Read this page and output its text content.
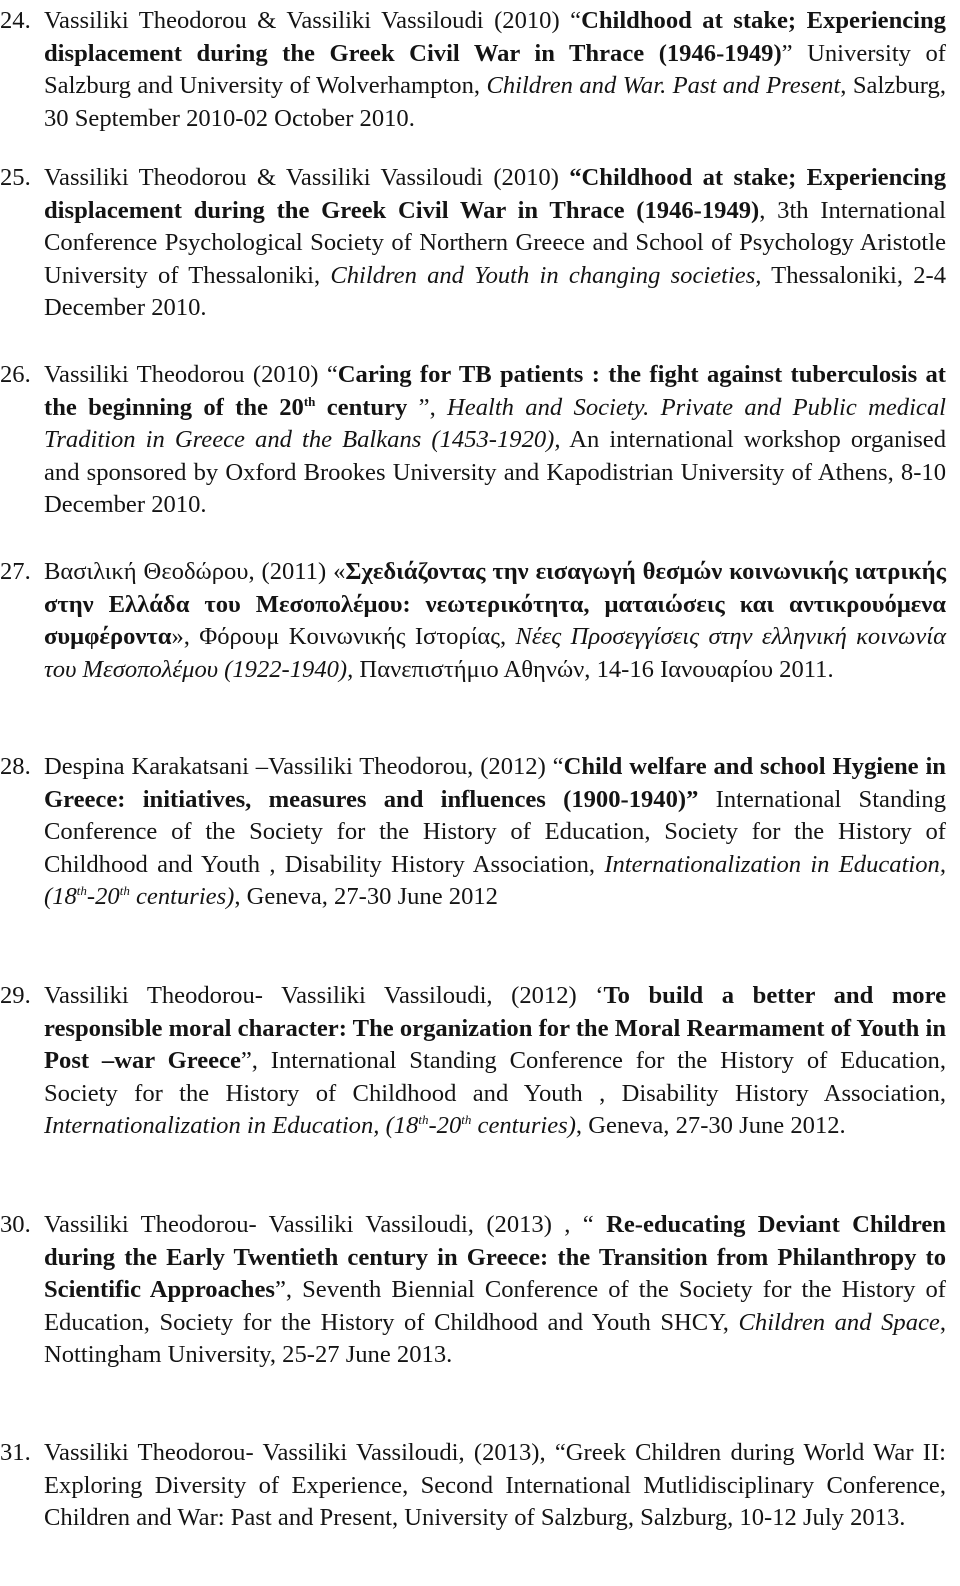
24. Vassiliki Theodorou & Vassiliki Vassiloudi (2010) “Childhood at stake; Experiencing displacement during the Greek Civil War in Thrace (1946-1949)” University of Salzburg and University of Wolverhampton, Children and War. Past and Present, Salzburg, 30 September 2010-02 October 2010.
25. Vassiliki Theodorou & Vassiliki Vassiloudi (2010) “Childhood at stake; Experiencing displacement during the Greek Civil War in Thrace (1946-1949), 3th International Conference Psychological Society of Northern Greece and School of Psychology Aristotle University of Thessaloniki, Children and Youth in changing societies, Thessaloniki, 2-4 December 2010.
26. Vassiliki Theodorou (2010) “Caring for TB patients : the fight against tuberculosis at the beginning of the 20th century ”, Health and Society. Private and Public medical Tradition in Greece and the Balkans (1453-1920), An international workshop organised and sponsored by Oxford Brookes University and Kapodistrian University of Athens, 8-10 December 2010.
27. Βασιλική Θεοδώρου, (2011) «Σχεδιάζοντας την εισαγωγή θεσμών κοινωνικής ιατρικής στην Ελλάδα του Μεσοπολέμου: νεωτερικότητα, ματαιώσεις και αντικρουόμενα συμφέροντα», Φόρουμ Κοινωνικής Ιστορίας, Νέες Προσεγγίσεις στην ελληνική κοινωνία του Μεσοπολέμου (1922-1940), Πανεπιστήμιο Αθηνών, 14-16 Ιανουαρίου 2011.
28. Despina Karakatsani –Vassiliki Theodorou, (2012) “Child welfare and school Hygiene in Greece: initiatives, measures and influences (1900-1940)” International Standing Conference of the Society for the History of Education, Society for the History of Childhood and Youth , Disability History Association, Internationalization in Education, (18th-20th centuries), Geneva, 27-30 June 2012
29. Vassiliki Theodorou- Vassiliki Vassiloudi, (2012) ‘To build a better and more responsible moral character: The organization for the Moral Rearmament of Youth in Post –war Greece”, International Standing Conference for the History of Education, Society for the History of Childhood and Youth , Disability History Association, Internationalization in Education, (18th-20th centuries), Geneva, 27-30 June 2012.
30. Vassiliki Theodorou- Vassiliki Vassiloudi, (2013) , “ Re-educating Deviant Children during the Early Twentieth century in Greece: the Transition from Philanthropy to Scientific Approaches”, Seventh Biennial Conference of the Society for the History of Education, Society for the History of Childhood and Youth SHCY, Children and Space, Nottingham University, 25-27 June 2013.
31. Vassiliki Theodorou- Vassiliki Vassiloudi, (2013), “Greek Children during World War II: Exploring Diversity of Experience, Second International Mutlidisciplinary Conference, Children and War: Past and Present, University of Salzburg, Salzburg, 10-12 July 2013.
